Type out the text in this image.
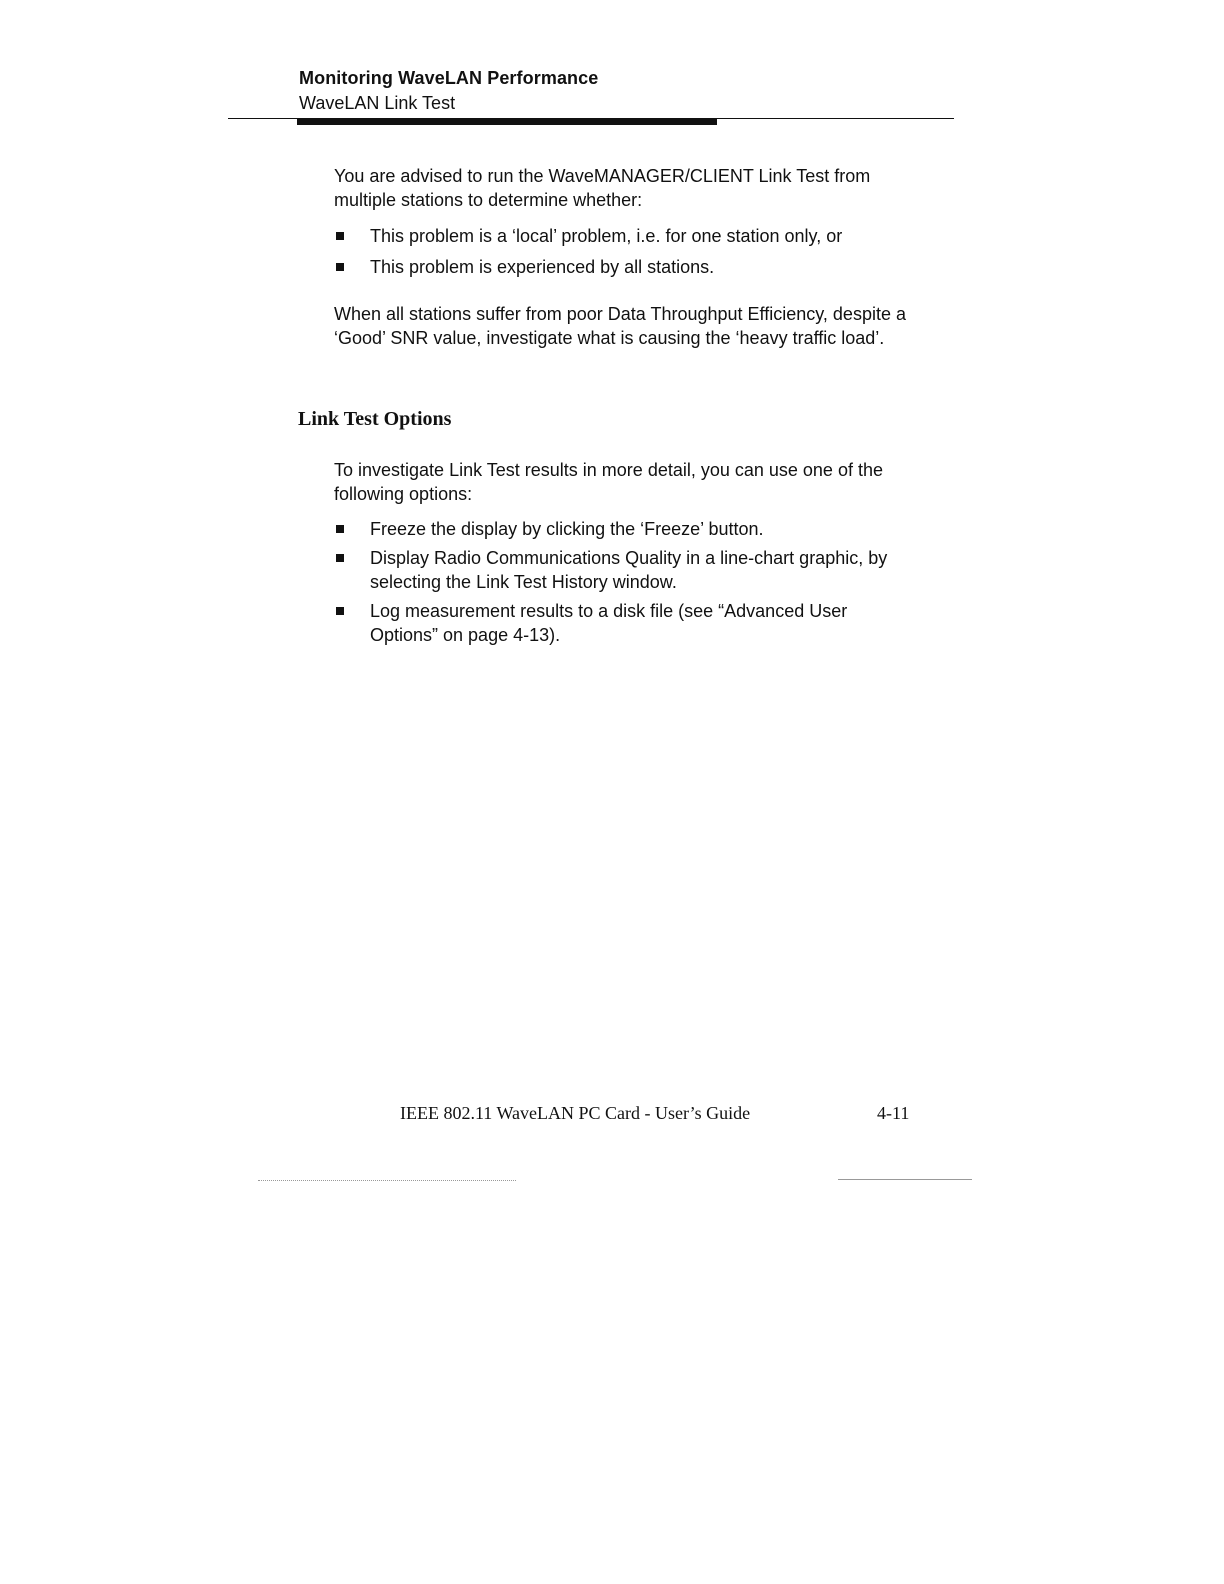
Monitoring WaveLAN Performance
WaveLAN Link Test

You are advised to run the WaveMANAGER/CLIENT Link Test from multiple stations to determine whether:

This problem is a ‘local’ problem, i.e. for one station only, or
This problem is experienced by all stations.

When all stations suffer from poor Data Throughput Efficiency, despite a ‘Good’ SNR value, investigate what is causing the ‘heavy traffic load’.

Link Test Options

To investigate Link Test results in more detail, you can use one of the following options:

Freeze the display by clicking the ‘Freeze’ button.
Display Radio Communications Quality in a line-chart graphic, by selecting the Link Test History window.
Log measurement results to a disk file (see “Advanced User Options” on page 4-13).
IEEE 802.11 WaveLAN PC Card - User’s Guide	4-11
